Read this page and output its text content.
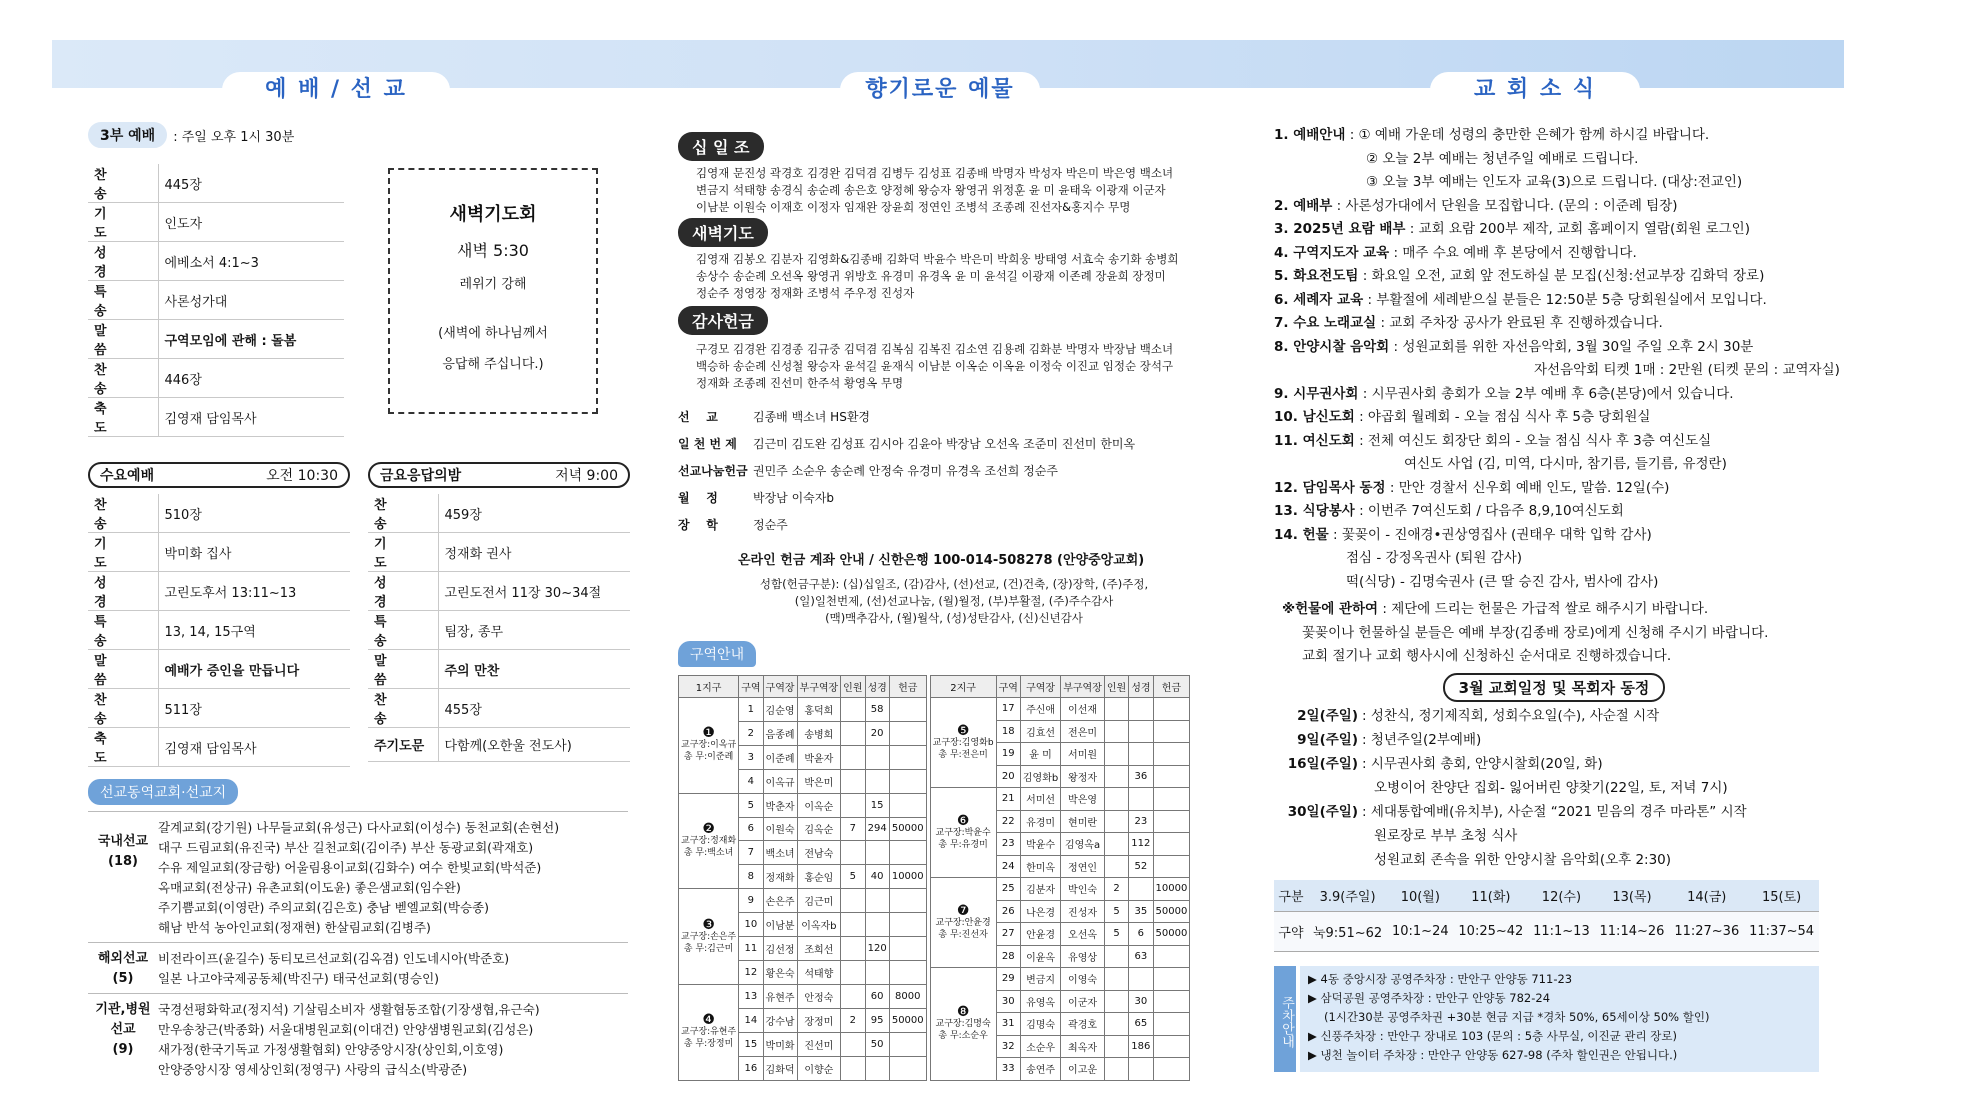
예 배 / 선 교	향기로운 예물	교 회 소 식
3부 예배	: 주일 오후 1시 30분
찬 송	445장
기 도	인도자
성 경	에베소서 4:1~3
특 송	사론성가대
말 씀	구역모임에 관해 : 돌봄
찬 송	446장
축 도	김영재 담임목사
새벽기도회
새벽 5:30
레위기 강해
(새벽에 하나님께서
응답해 주십니다.)
수요예배	오전 10:30
찬 송	510장
기 도	박미화 집사
성 경	고린도후서 13:11~13
특 송	13, 14, 15구역
말 씀	예배가 증인을 만듭니다
찬 송	511장
축 도	김영재 담임목사
금요응답의밤	저녁 9:00
찬 송	459장
기 도	정재화 권사
성 경	고린도전서 11장 30~34절
특 송	팀장, 종무
말 씀	주의 만찬
찬 송	455장
주기도문	다함께(오한울 전도사)
선교동역교회·선교지
국내선교
(18)
갈계교회(강기원) 나무들교회(유성근) 다사교회(이성수) 동천교회(손현선)
대구 드림교회(유진국) 부산 길천교회(김이주) 부산 동광교회(곽재호)
수유 제일교회(장금항) 어울림용이교회(김화수) 여수 한빛교회(박석준)
옥매교회(전상규) 유촌교회(이도윤) 좋은샘교회(임수완)
주기쁨교회(이영란) 주의교회(김은호) 충남 벧엘교회(박승종)
해남 반석 농아인교회(정재현) 한살림교회(김병주)
해외선교
(5)
비전라이프(윤길수) 동티모르선교회(김옥겸) 인도네시아(박준호)
일본 나고야국제공동체(박진구) 태국선교회(명승인)
기관,병원
선교
(9)
국경선평화학교(정지석) 기살림소비자 생활협동조합(기장생협,유근숙)
만우송창근(박종화) 서울대병원교회(이대건) 안양샘병원교회(김성은)
새가정(한국기독교 가정생활협회) 안양중앙시장(상인회,이호영)
안양중앙시장 영세상인회(정영구) 사랑의 급식소(박광준)
십 일 조
김영재 문진성 곽경호 김경완 김덕겸 김병두 김성표 김종배 박명자 박성자 박은미 박은영 백소녀
변금지 석태향 송경식 송순례 송은호 양정혜 왕승자 왕영귀 위정훈 윤 미 윤태욱 이광재 이군자
이남분 이원숙 이재호 이정자 임재완 장윤희 정연인 조병석 조종례 진선자&홍지수 무명
새벽기도
김영재 김봉오 김분자 김영화&김종배 김화덕 박윤수 박은미 박희웅 방태영 서효숙 송기화 송병희
송상수 송순례 오선옥 왕영귀 위방호 유경미 유경옥 윤 미 윤석길 이광재 이존례 장윤희 장정미
정순주 정영장 정재화 조병석 주우정 진성자
감사헌금
구경모 김경완 김경종 김규중 김덕겸 김복심 김복진 김소연 김용례 김화분 박명자 박장남 백소녀
백승하 송순례 신성철 왕승자 윤석길 윤재식 이남분 이옥순 이옥윤 이정숙 이진교 임정순 장석구
정재화 조종례 진선미 한주석 황영옥 무명
선    교	김종배 백소녀 HS환경
일 천 번 제	김근미 김도완 김성표 김시아 김윤아 박장남 오선옥 조준미 진선미 한미옥
선교나눔헌금 권민주 소순우 송순례 안정숙 유경미 유경옥 조선희 정순주
월    정	박장남 이숙자b
장    학	정순주
온라인 헌금 계좌 안내 / 신한은행 100-014-508278 (안양중앙교회)
성함(헌금구분): (십)십일조, (감)감사, (선)선교, (건)건축, (장)장학, (주)주정,
(일)일천번제, (선)선교나눔, (월)월정, (부)부활절, (주)주수감사
(맥)맥추감사, (월)월삭, (성)성탄감사, (신)신년감사
구역안내
1지구	구역	구역장	부구역장	인원	성경	헌금

❶
교구장:이옥규
총 무:이준례	1	김순영	홍덕희		58	
	2	음종례	송병희		20	
	3	이준례	박윤자			
	4	이옥규	박은미			

❷
교구장:정재화
총 무:백소녀	5	박춘자	이옥순		15	
	6	이원숙	김옥순	7	294	50000
	7	백소녀	전남숙			
	8	정재화	홍순임	5	40	10000

❸
교구장:손은주
총 무:김근미	9	손은주	김근미			
	10	이남분	이옥자b			
	11	김선정	조희선		120	
	12	황은숙	석태향			

❹
교구장:유현주
총 무:장정미	13	유현주	안정숙		60	8000
	14	강수남	장정미	2	95	50000
	15	박미화	진선미		50	
	16	김화덕	이향순			
2지구	구역	구역장	부구역장	인원	성경	헌금

❺
교구장:김영화b
총 무:전은미	17	주신애	이선재			
	18	김효선	전은미			
	19	윤 미	서미원			
	20	김영화b	왕정자		36	

❻
교구장:박윤수
총 무:유경미	21	서미선	박은영			
	22	유경미	현미란		23	
	23	박윤수	김영옥a		112	
	24	한미옥	정연인		52	

❼
교구장:안윤경
총 무:진선자	25	김분자	박인숙	2		10000
	26	나은경	진성자	5	35	50000
	27	안윤경	오선옥	5	6	50000
	28	이윤옥	유영상		63	

❽
교구장:김명숙
총 무:소순우	29	변금지	이영숙			
	30	유영옥	이군자		30	
	31	김명숙	곽경호		65	
	32	소순우	최옥자		186	
	33	송연주	이고운			

1. 예배안내 : ① 예배 가운데 성령의 충만한 은혜가 함께 하시길 바랍니다.

② 오늘 2부 예배는 청년주일 예배로 드립니다.

③ 오늘 3부 예배는 인도자 교육(3)으로 드립니다. (대상:전교인)

2. 예배부 : 사론성가대에서 단원을 모집합니다. (문의 : 이준례 팀장)

3. 2025년 요람 배부 : 교회 요람 200부 제작, 교회 홈페이지 열람(회원 로그인)

4. 구역지도자 교육 : 매주 수요 예배 후 본당에서 진행합니다.

5. 화요전도팀 : 화요일 오전, 교회 앞 전도하실 분 모집(신청:선교부장 김화덕 장로)

6. 세례자 교육 : 부활절에 세례받으실 분들은 12:50분 5층 당회원실에서 모입니다.

7. 수요 노래교실 : 교회 주차장 공사가 완료된 후 진행하겠습니다.

8. 안양시찰 음악회 : 성원교회를 위한 자선음악회, 3월 30일 주일 오후 2시 30분

자선음악회 티켓 1매 : 2만원 (티켓 문의 : 교역자실)

9. 시무권사회 : 시무권사회 총회가 오늘 2부 예배 후 6층(본당)에서 있습니다.

10. 남신도회 : 야곱회 월례회 - 오늘 점심 식사 후 5층 당회원실

11. 여신도회 : 전체 여신도 회장단 회의 - 오늘 점심 식사 후 3층 여신도실

여신도 사업 (김, 미역, 다시마, 참기름, 들기름, 유정란)

12. 담임목사 동정 : 만안 경찰서 신우회 예배 인도, 말씀. 12일(수)

13. 식당봉사 : 이번주 7여신도회 / 다음주 8,9,10여신도회

14. 헌물 : 꽃꽂이 - 진애경•권상영집사 (권태우 대학 입학 감사)

점심 - 강정옥권사 (퇴원 감사)

떡(식당) - 김명숙권사 (큰 딸 승진 감사, 범사에 감사)

※헌물에 관하여 : 제단에 드리는 헌물은 가급적 쌀로 해주시기 바랍니다.

꽃꽂이나 헌물하실 분들은 예배 부장(김종배 장로)에게 신청해 주시기 바랍니다.

교회 절기나 교회 행사시에 신청하신 순서대로 진행하겠습니다.

3월 교회일정 및 목회자 동정

2일(주일) : 성찬식, 정기제직회, 성회수요일(수), 사순절 시작

9일(주일) : 청년주일(2부예배)

16일(주일) : 시무권사회 총회, 안양시찰회(20일, 화)

오병이어 찬양단 집회- 잃어버린 양찾기(22일, 토, 저녁 7시)

30일(주일) : 세대통합예배(유치부), 사순절 “2021 믿음의 경주 마라톤” 시작

원로장로 부부 초청 식사

성원교회 존속을 위한 안양시찰 음악회(오후 2:30)

구분	3.9(주일)	10(월)	11(화)	12(수)	13(목)	14(금)	15(토)
구약	눅9:51~62	10:1~24	10:25~42	11:1~13	11:14~26	11:27~36	11:37~54
주차안내
▶ 4동 중앙시장 공영주차장 : 만안구 안양동 711-23
▶ 삼덕공원 공영주차장 : 만안구 안양동 782-24
(1시간30분 공영주차권 +30분 현금 지급 *경차 50%, 65세이상 50% 할인)
▶ 신풍주차장 : 만안구 장내로 103 (문의 : 5층 사무실, 이진균 관리 장로)
▶ 냉천 놀이터 주차장 : 만안구 안양동 627-98 (주차 할인권은 안됩니다.)
